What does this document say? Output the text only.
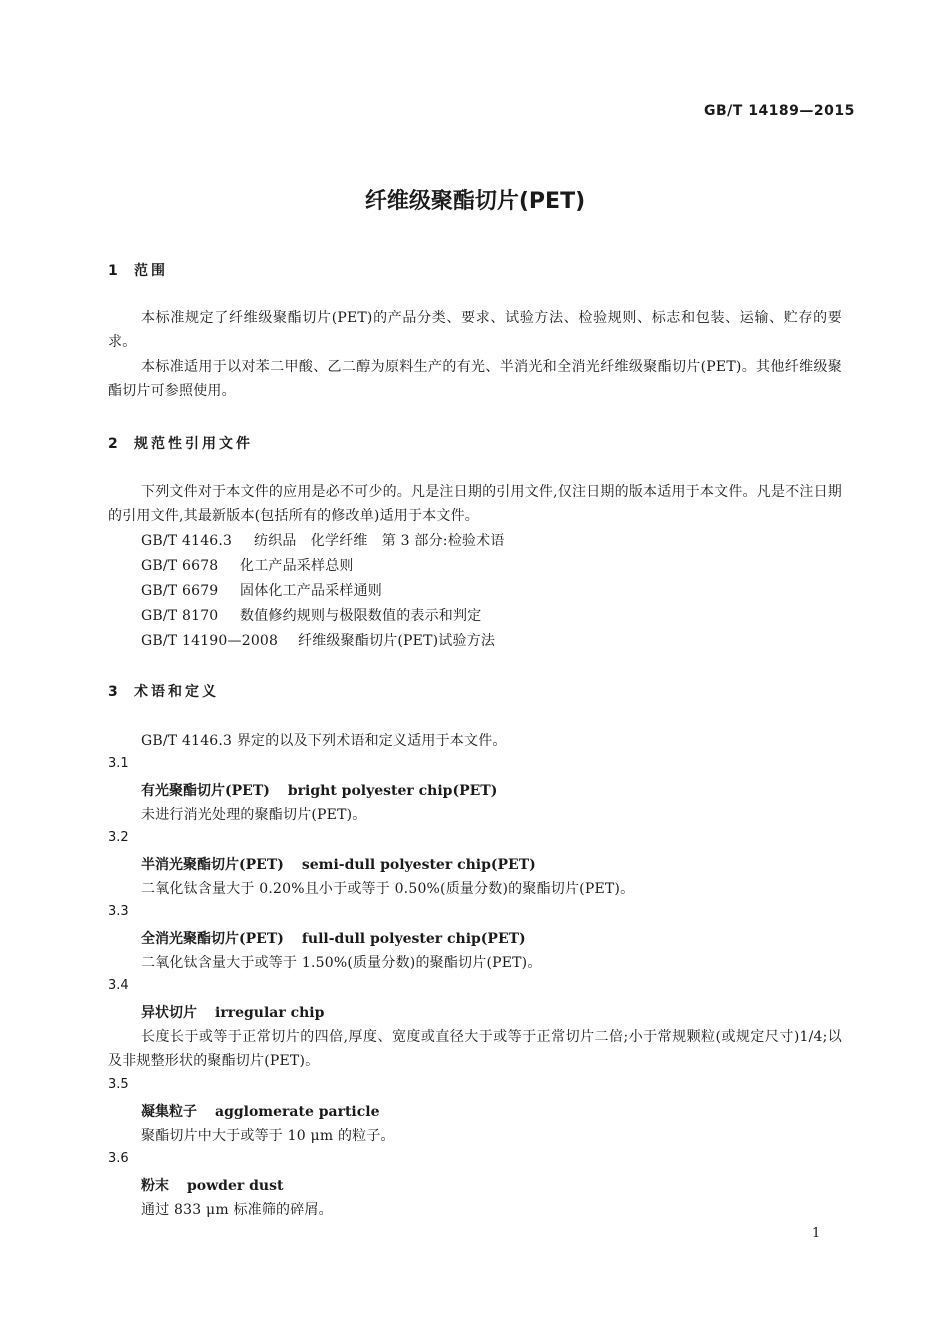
GB/T 14189—2015
纤维级聚酯切片(PET)
1 范围
本标准规定了纤维级聚酯切片(PET)的产品分类、要求、试验方法、检验规则、标志和包装、运输、贮存的要求。
本标准适用于以对苯二甲酸、乙二醇为原料生产的有光、半消光和全消光纤维级聚酯切片(PET)。其他纤维级聚酯切片可参照使用。
2 规范性引用文件
下列文件对于本文件的应用是必不可少的。凡是注日期的引用文件,仅注日期的版本适用于本文件。凡是不注日期的引用文件,其最新版本(包括所有的修改单)适用于本文件。
GB/T 4146.3 纺织品　化学纤维　第 3 部分:检验术语
GB/T 6678 化工产品采样总则
GB/T 6679 固体化工产品采样通则
GB/T 8170 数值修约规则与极限数值的表示和判定
GB/T 14190—2008 纤维级聚酯切片(PET)试验方法
3 术语和定义
GB/T 4146.3 界定的以及下列术语和定义适用于本文件。
3.1
有光聚酯切片(PET) bright polyester chip(PET)
未进行消光处理的聚酯切片(PET)。
3.2
半消光聚酯切片(PET) semi-dull polyester chip(PET)
二氧化钛含量大于 0.20%且小于或等于 0.50%(质量分数)的聚酯切片(PET)。
3.3
全消光聚酯切片(PET) full-dull polyester chip(PET)
二氧化钛含量大于或等于 1.50%(质量分数)的聚酯切片(PET)。
3.4
异状切片 irregular chip
长度长于或等于正常切片的四倍,厚度、宽度或直径大于或等于正常切片二倍;小于常规颗粒(或规定尺寸)1/4;以及非规整形状的聚酯切片(PET)。
3.5
凝集粒子 agglomerate particle
聚酯切片中大于或等于 10 μm 的粒子。
3.6
粉末 powder dust
通过 833 μm 标准筛的碎屑。
1
